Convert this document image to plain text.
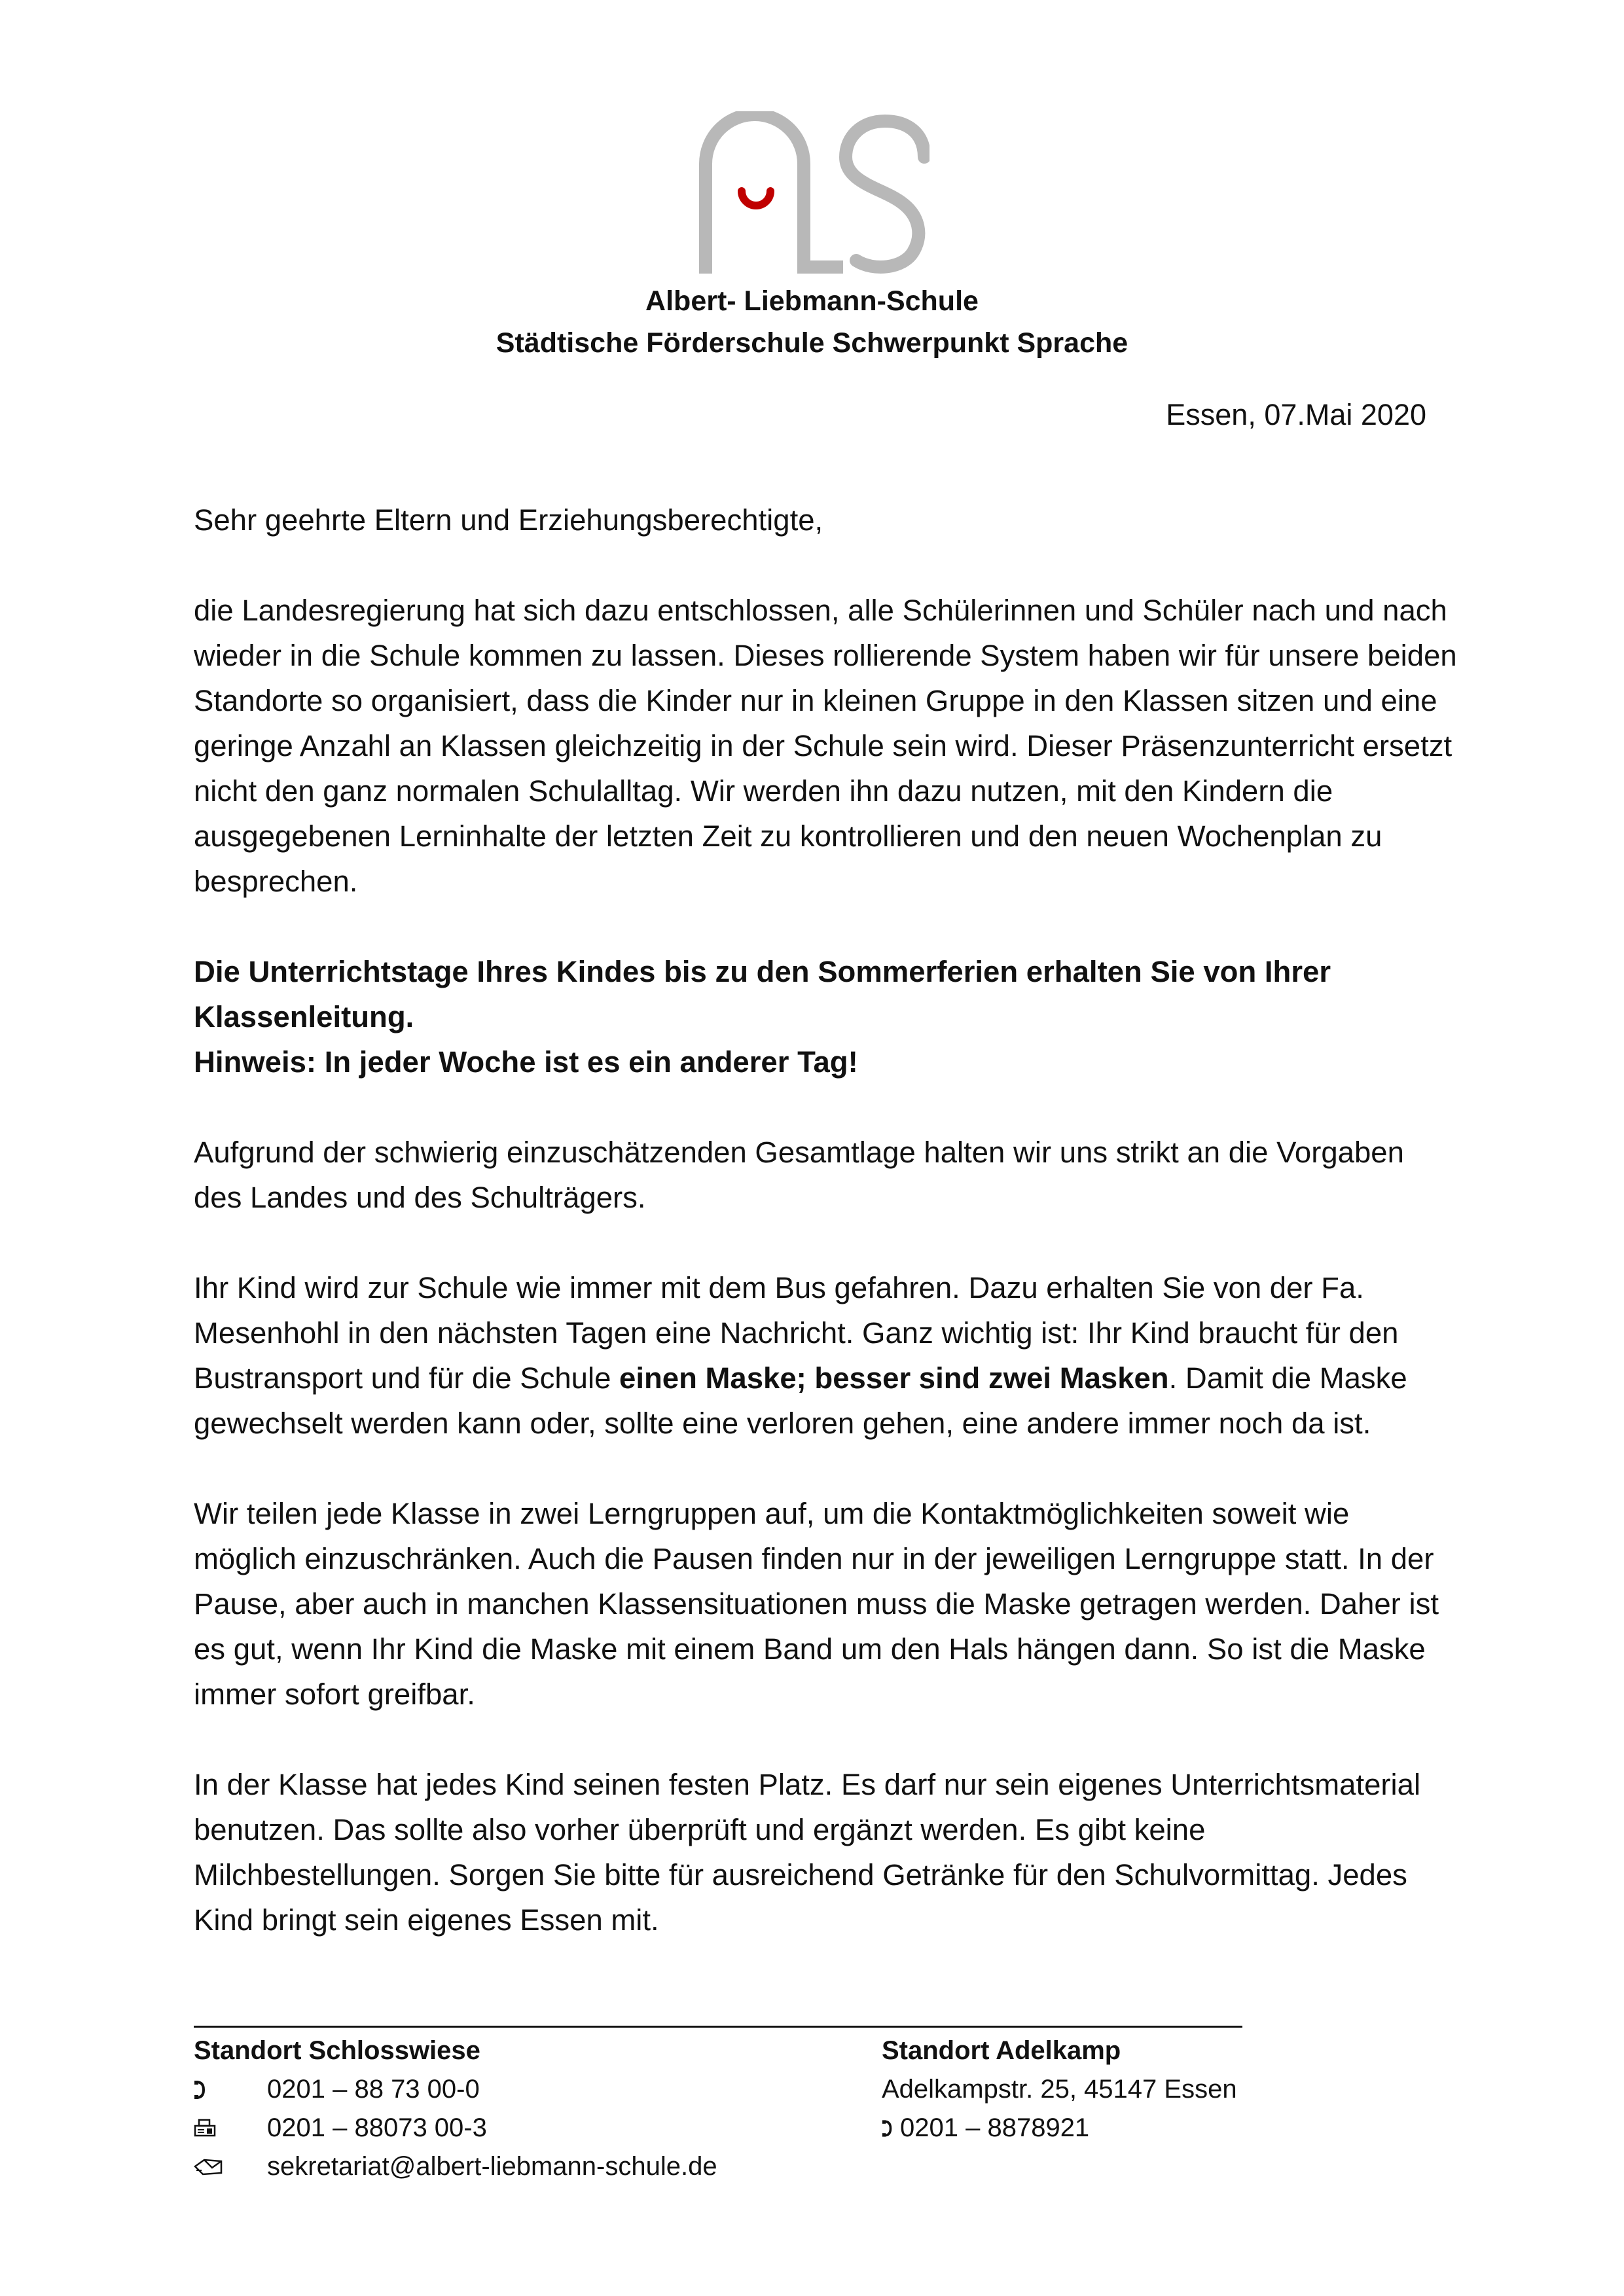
Albert- Liebmann-Schule
Städtische Förderschule Schwerpunkt Sprache
Essen, 07.Mai 2020

Sehr geehrte Eltern und Erziehungsberechtigte,

die Landesregierung hat sich dazu entschlossen, alle Schülerinnen und Schüler nach und nach wieder in die Schule kommen zu lassen. Dieses rollierende System haben wir für unsere beiden Standorte so organisiert, dass die Kinder nur in kleinen Gruppe in den Klassen sitzen und eine geringe Anzahl an Klassen gleichzeitig in der Schule sein wird. Dieser Präsenzunterricht ersetzt nicht den ganz normalen Schulalltag. Wir werden ihn dazu nutzen, mit den Kindern die ausgegebenen Lerninhalte der letzten Zeit zu kontrollieren und den neuen Wochenplan zu besprechen.

Die Unterrichtstage Ihres Kindes bis zu den Sommerferien erhalten Sie von Ihrer Klassenleitung.

Hinweis: In jeder Woche ist es ein anderer Tag!

Aufgrund der schwierig einzuschätzenden Gesamtlage halten wir uns strikt an die Vorgaben des Landes und des Schulträgers.

Ihr Kind wird zur Schule wie immer mit dem Bus gefahren. Dazu erhalten Sie von der Fa. Mesenhohl in den nächsten Tagen eine Nachricht. Ganz wichtig ist: Ihr Kind braucht für den Bustransport und für die Schule einen Maske; besser sind zwei Masken. Damit die Maske gewechselt werden kann oder, sollte eine verloren gehen, eine andere immer noch da ist.

Wir teilen jede Klasse in zwei Lerngruppen auf, um die Kontaktmöglichkeiten soweit wie möglich einzuschränken. Auch die Pausen finden nur in der jeweiligen Lerngruppe statt. In der Pause, aber auch in manchen Klassensituationen muss die Maske getragen werden. Daher ist es gut, wenn Ihr Kind die Maske mit einem Band um den Hals hängen dann. So ist die Maske immer sofort greifbar.

In der Klasse hat jedes Kind seinen festen Platz. Es darf nur sein eigenes Unterrichtsmaterial benutzen. Das sollte also vorher überprüft und ergänzt werden. Es gibt keine Milchbestellungen. Sorgen Sie bitte für ausreichend Getränke für den Schulvormittag. Jedes Kind bringt sein eigenes Essen mit.

Standort Schlosswiese
0201 – 88 73 00-0
0201 – 88073 00-3
sekretariat@albert-liebmann-schule.de
Standort Adelkamp
Adelkampstr. 25, 45147 Essen
0201 – 8878921
